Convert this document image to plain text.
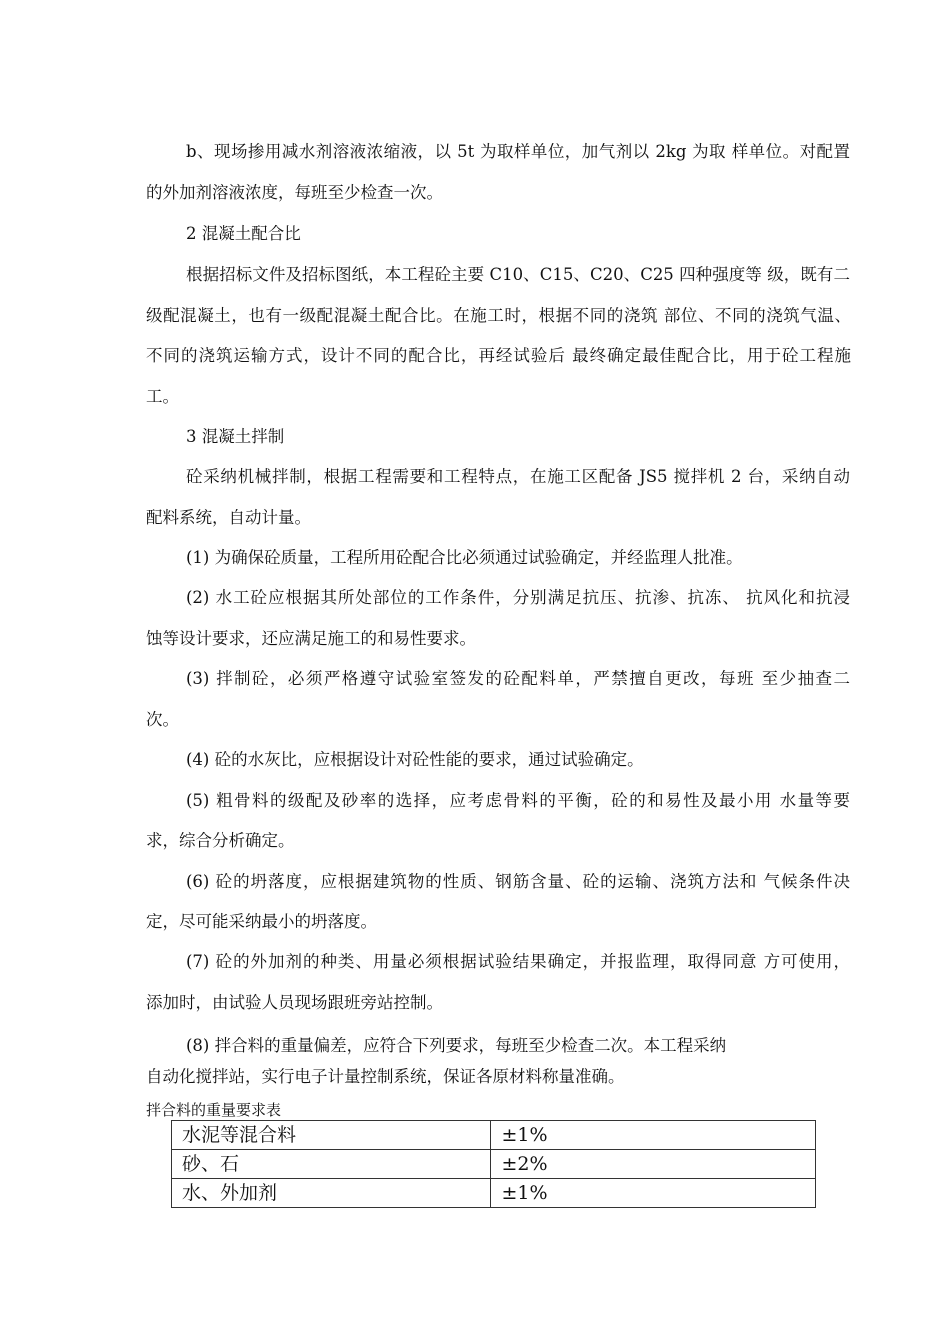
b、现场掺用减水剂溶液浓缩液，以 5t 为取样单位，加气剂以 2kg 为取 样单位。对配置
的外加剂溶液浓度，每班至少检查一次。
2 混凝土配合比
根据招标文件及招标图纸，本工程砼主要 C10、C15、C20、C25 四种强度等 级，既有二
级配混凝土，也有一级配混凝土配合比。在施工时，根据不同的浇筑 部位、不同的浇筑气温、
不同的浇筑运输方式，设计不同的配合比，再经试验后 最终确定最佳配合比，用于砼工程施
工。
3 混凝土拌制
砼采纳机械拌制，根据工程需要和工程特点，在施工区配备 JS5 搅拌机 2 台，采纳自动
配料系统，自动计量。
(1) 为确保砼质量，工程所用砼配合比必须通过试验确定，并经监理人批准。
(2) 水工砼应根据其所处部位的工作条件，分别满足抗压、抗渗、抗冻、 抗风化和抗浸
蚀等设计要求，还应满足施工的和易性要求。
(3) 拌制砼，必须严格遵守试验室签发的砼配料单，严禁擅自更改，每班 至少抽查二
次。
(4) 砼的水灰比，应根据设计对砼性能的要求，通过试验确定。
(5) 粗骨料的级配及砂率的选择，应考虑骨料的平衡，砼的和易性及最小用 水量等要
求，综合分析确定。
(6) 砼的坍落度，应根据建筑物的性质、钢筋含量、砼的运输、浇筑方法和 气候条件决
定，尽可能采纳最小的坍落度。
(7) 砼的外加剂的种类、用量必须根据试验结果确定，并报监理，取得同意 方可使用，
添加时，由试验人员现场跟班旁站控制。
(8) 拌合料的重量偏差，应符合下列要求，每班至少检查二次。本工程采纳
自动化搅拌站，实行电子计量控制系统，保证各原材料称量准确。
拌合料的重量要求表
水泥等混合料	±1%
砂、石	±2%
水、外加剂	±1%
